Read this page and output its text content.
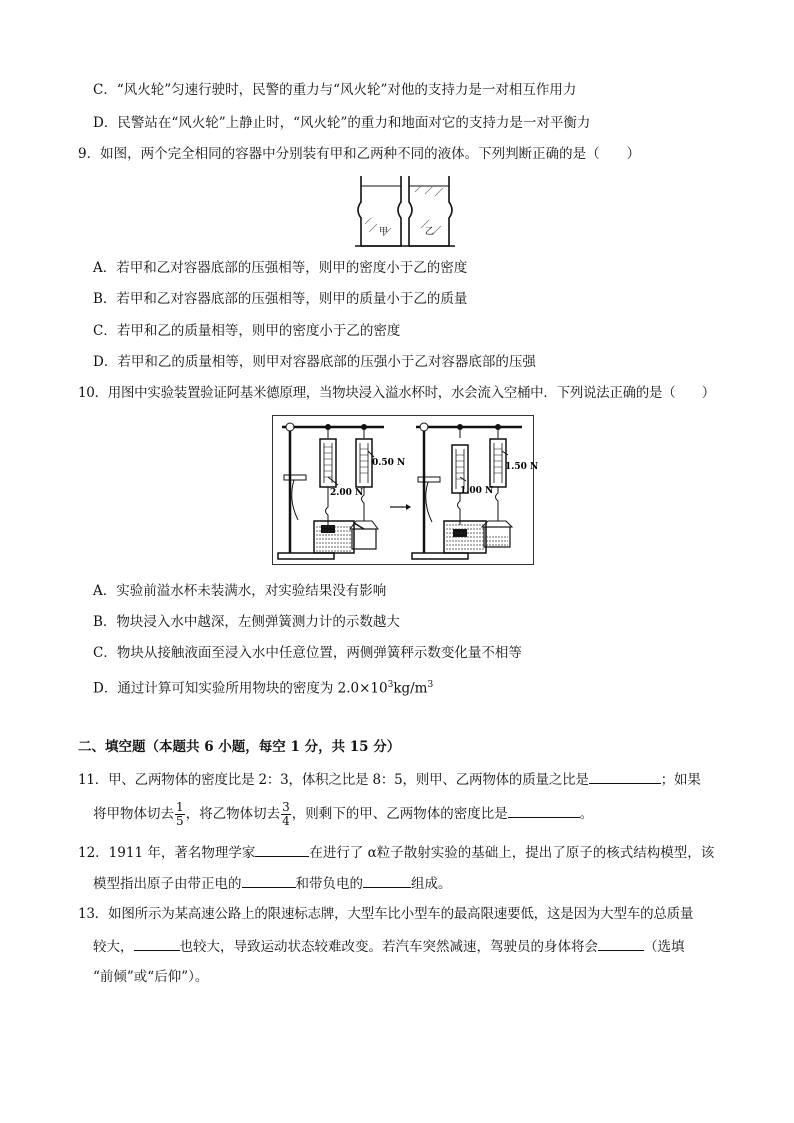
C．“风火轮”匀速行驶时，民警的重力与“风火轮”对他的支持力是一对相互作用力
D．民警站在“风火轮”上静止时，“风火轮”的重力和地面对它的支持力是一对平衡力
9．如图，两个完全相同的容器中分别装有甲和乙两种不同的液体。下列判断正确的是（　　）
甲	乙
A．若甲和乙对容器底部的压强相等，则甲的密度小于乙的密度
B．若甲和乙对容器底部的压强相等，则甲的质量小于乙的质量
C．若甲和乙的质量相等，则甲的密度小于乙的密度
D．若甲和乙的质量相等，则甲对容器底部的压强小于乙对容器底部的压强
10．用图中实验装置验证阿基米德原理，当物块浸入溢水杯时，水会流入空桶中．下列说法正确的是（　　）
2.00 N
0.50 N
1.00 N
1.50 N
A．实验前溢水杯未装满水，对实验结果没有影响
B．物块浸入水中越深，左侧弹簧测力计的示数越大
C．物块从接触液面至浸入水中任意位置，两侧弹簧秤示数变化量不相等
D．通过计算可知实验所用物块的密度为 $2.0\times 10^3kg/m^3$
二、填空题（本题共 6 小题，每空 1 分，共 15 分）
11．甲、乙两物体的密度比是 2：3，体积之比是 8：5，则甲、乙两物体的质量之比是	；如果
将甲物体切去 $\frac{1}{5}$ ，将乙物体切去 $\frac{3}{4}$ ，则剩下的甲、乙两物体的密度比是	。
12．1911 年，著名物理学家	在进行了 α粒子散射实验的基础上，提出了原子的核式结构模型，该
模型指出原子由带正电的	和带负电的	组成。
13．如图所示为某高速公路上的限速标志牌，大型车比小型车的最高限速要低，这是因为大型车的总质量
较大，	也较大，导致运动状态较难改变。若汽车突然减速，驾驶员的身体将会	（选填
“前倾”或“后仰”）。
